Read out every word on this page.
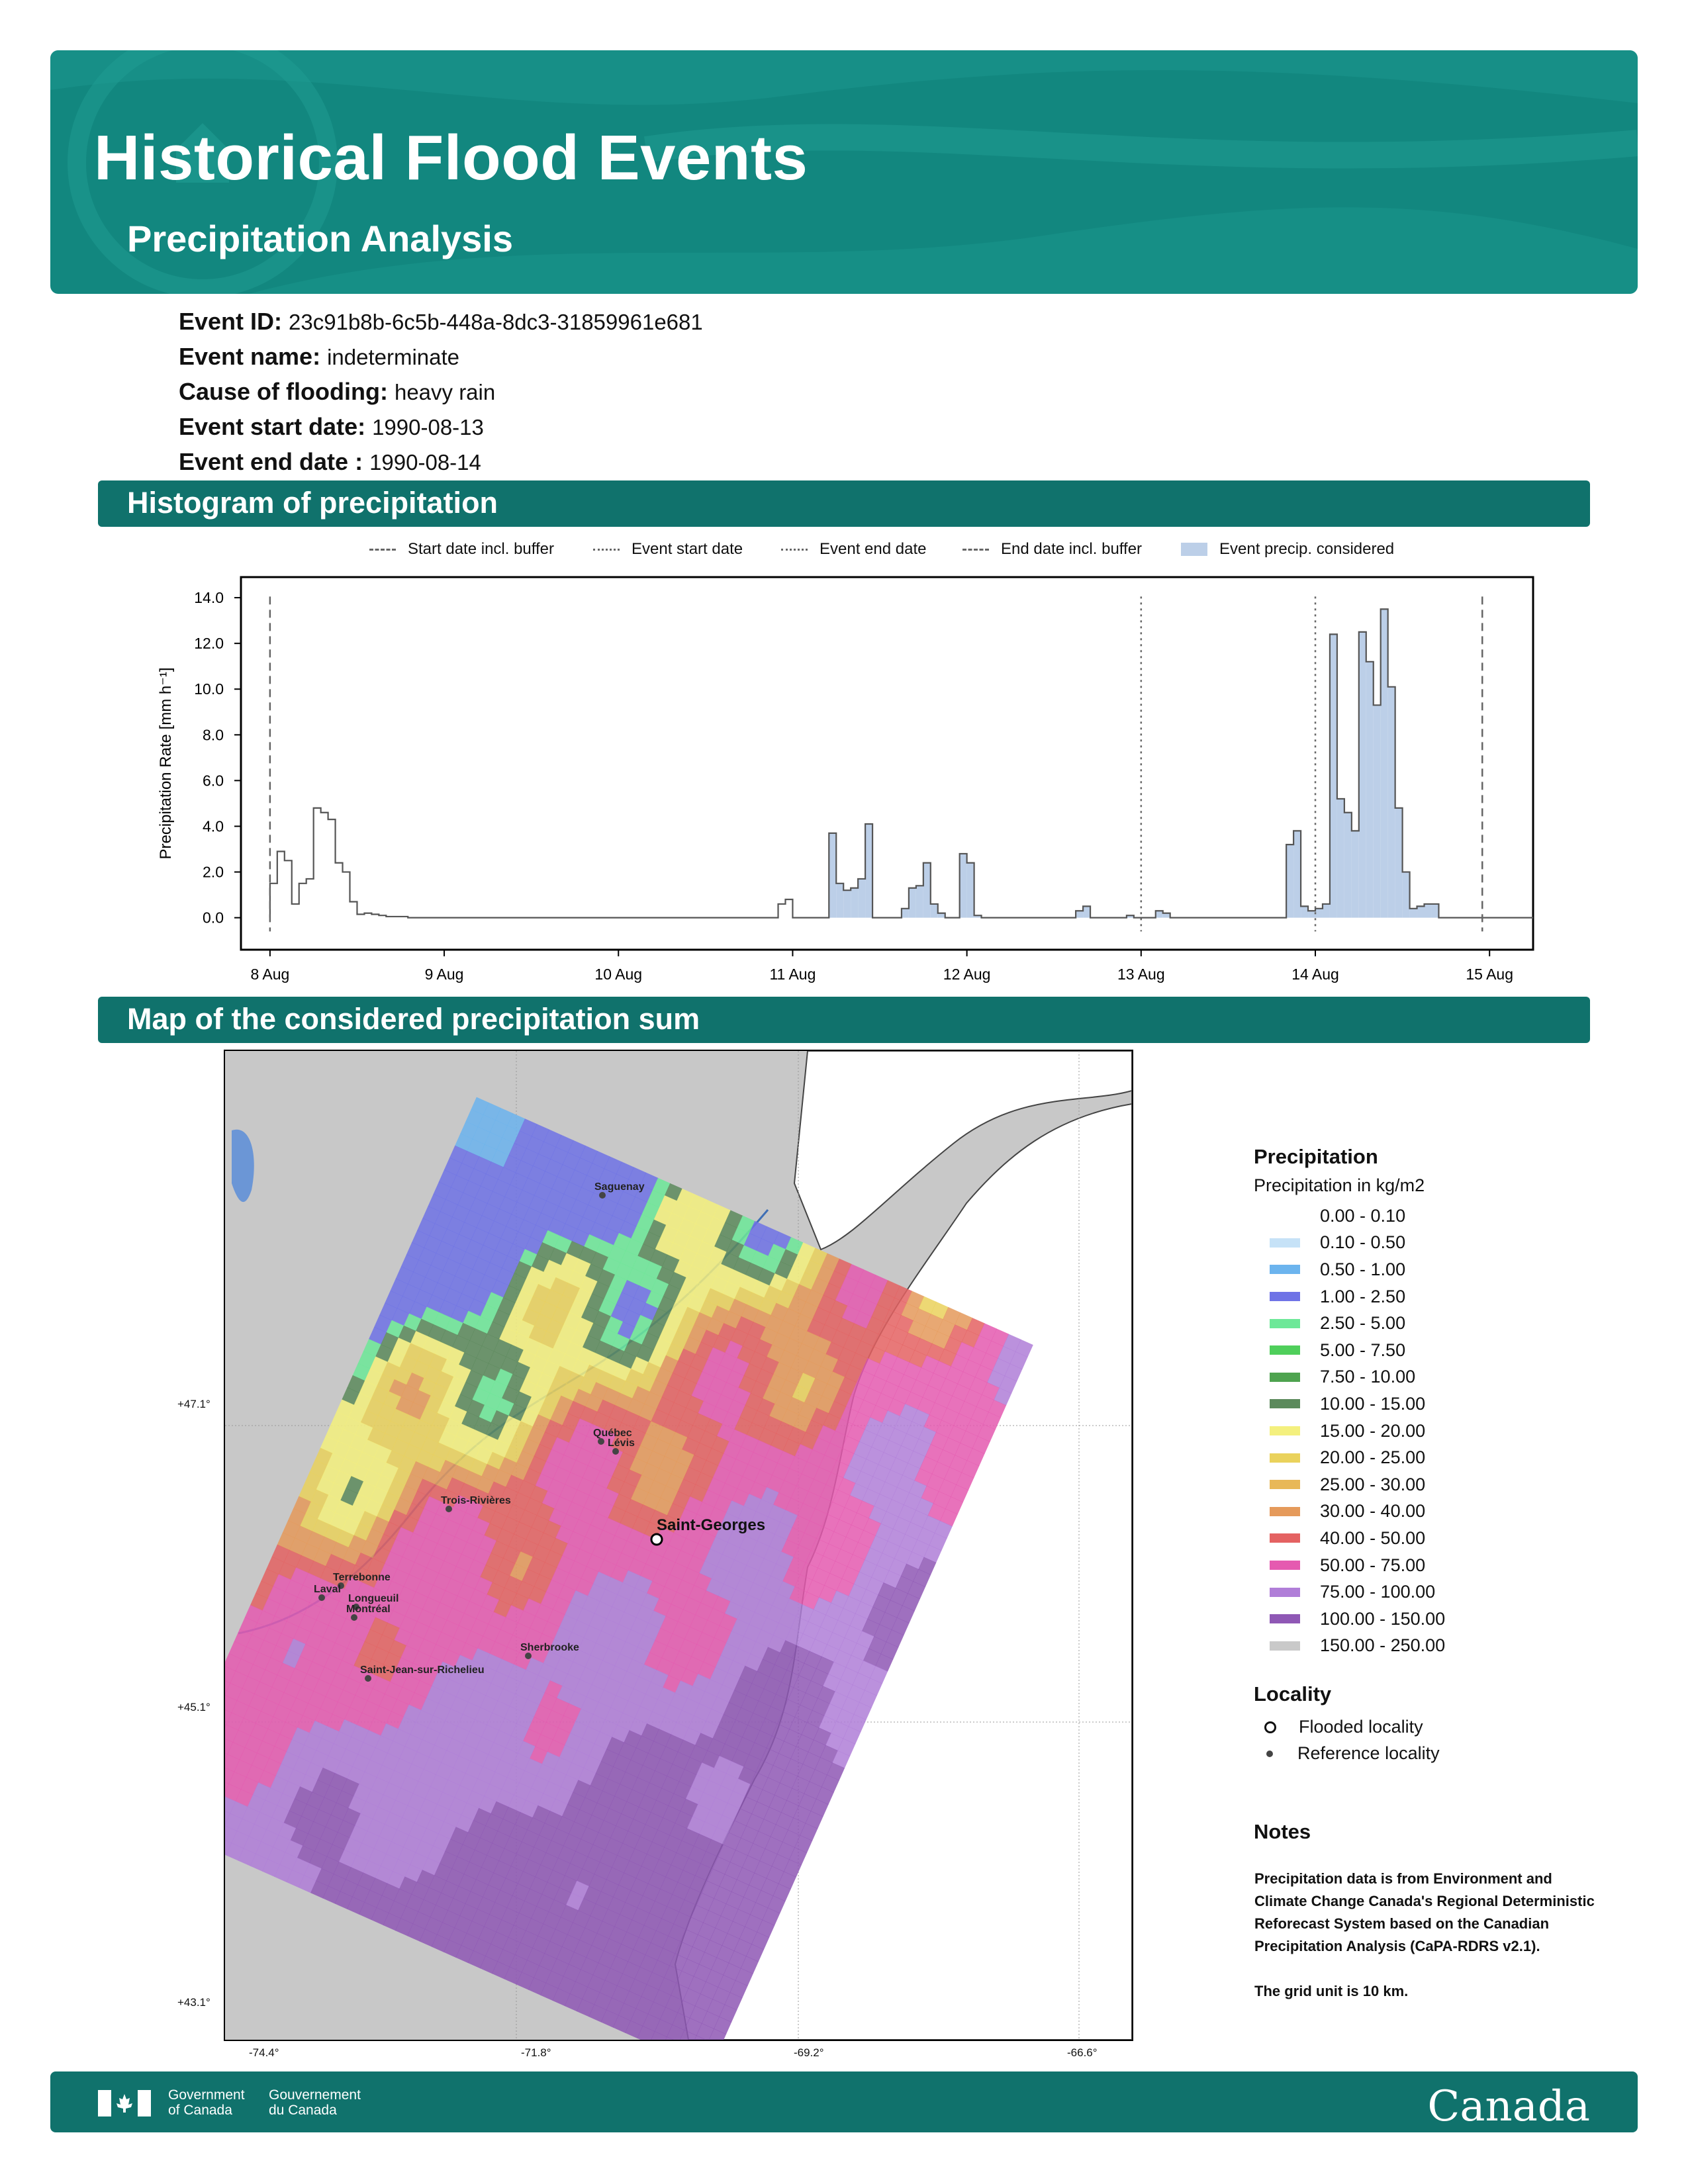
Historical Flood Events
Precipitation Analysis
Event ID: 23c91b8b-6c5b-448a-8dc3-31859961e681
Event name: indeterminate
Cause of flooding: heavy rain
Event start date: 1990-08-13
Event end date : 1990-08-14
Histogram of precipitation
Start date incl. buffer	Event start date	Event end date	End date incl. buffer	Event precip. considered
14.0
12.0
10.0
8.0
6.0
4.0
2.0
0.0
8 Aug	9 Aug	10 Aug	11 Aug	12 Aug	13 Aug	14 Aug	15 Aug
Precipitation Rate [mm h⁻¹]
Map of the considered precipitation sum
Saguenay
Québec
Lévis
Trois-Rivières
Terrebonne
Laval
Longueuil
Montréal
Sherbrooke
Saint-Jean-sur-Richelieu
Saint-Georges
+47.1°
+45.1°
+43.1°
-74.4°	-71.8°	-69.2°	-66.6°
Precipitation
Precipitation in kg/m2
0.00 - 0.10
0.10 - 0.50
0.50 - 1.00
1.00 - 2.50
2.50 - 5.00
5.00 - 7.50
7.50 - 10.00
10.00 - 15.00
15.00 - 20.00
20.00 - 25.00
25.00 - 30.00
30.00 - 40.00
40.00 - 50.00
50.00 - 75.00
75.00 - 100.00
100.00 - 150.00
150.00 - 250.00
Locality
Flooded locality
Reference locality
Notes
Precipitation data is from Environment and Climate Change Canada's Regional Deterministic Reforecast System based on the Canadian Precipitation Analysis (CaPA-RDRS v2.1).
The grid unit is 10 km.
Government
of Canada
Gouvernement
du Canada	Canada
